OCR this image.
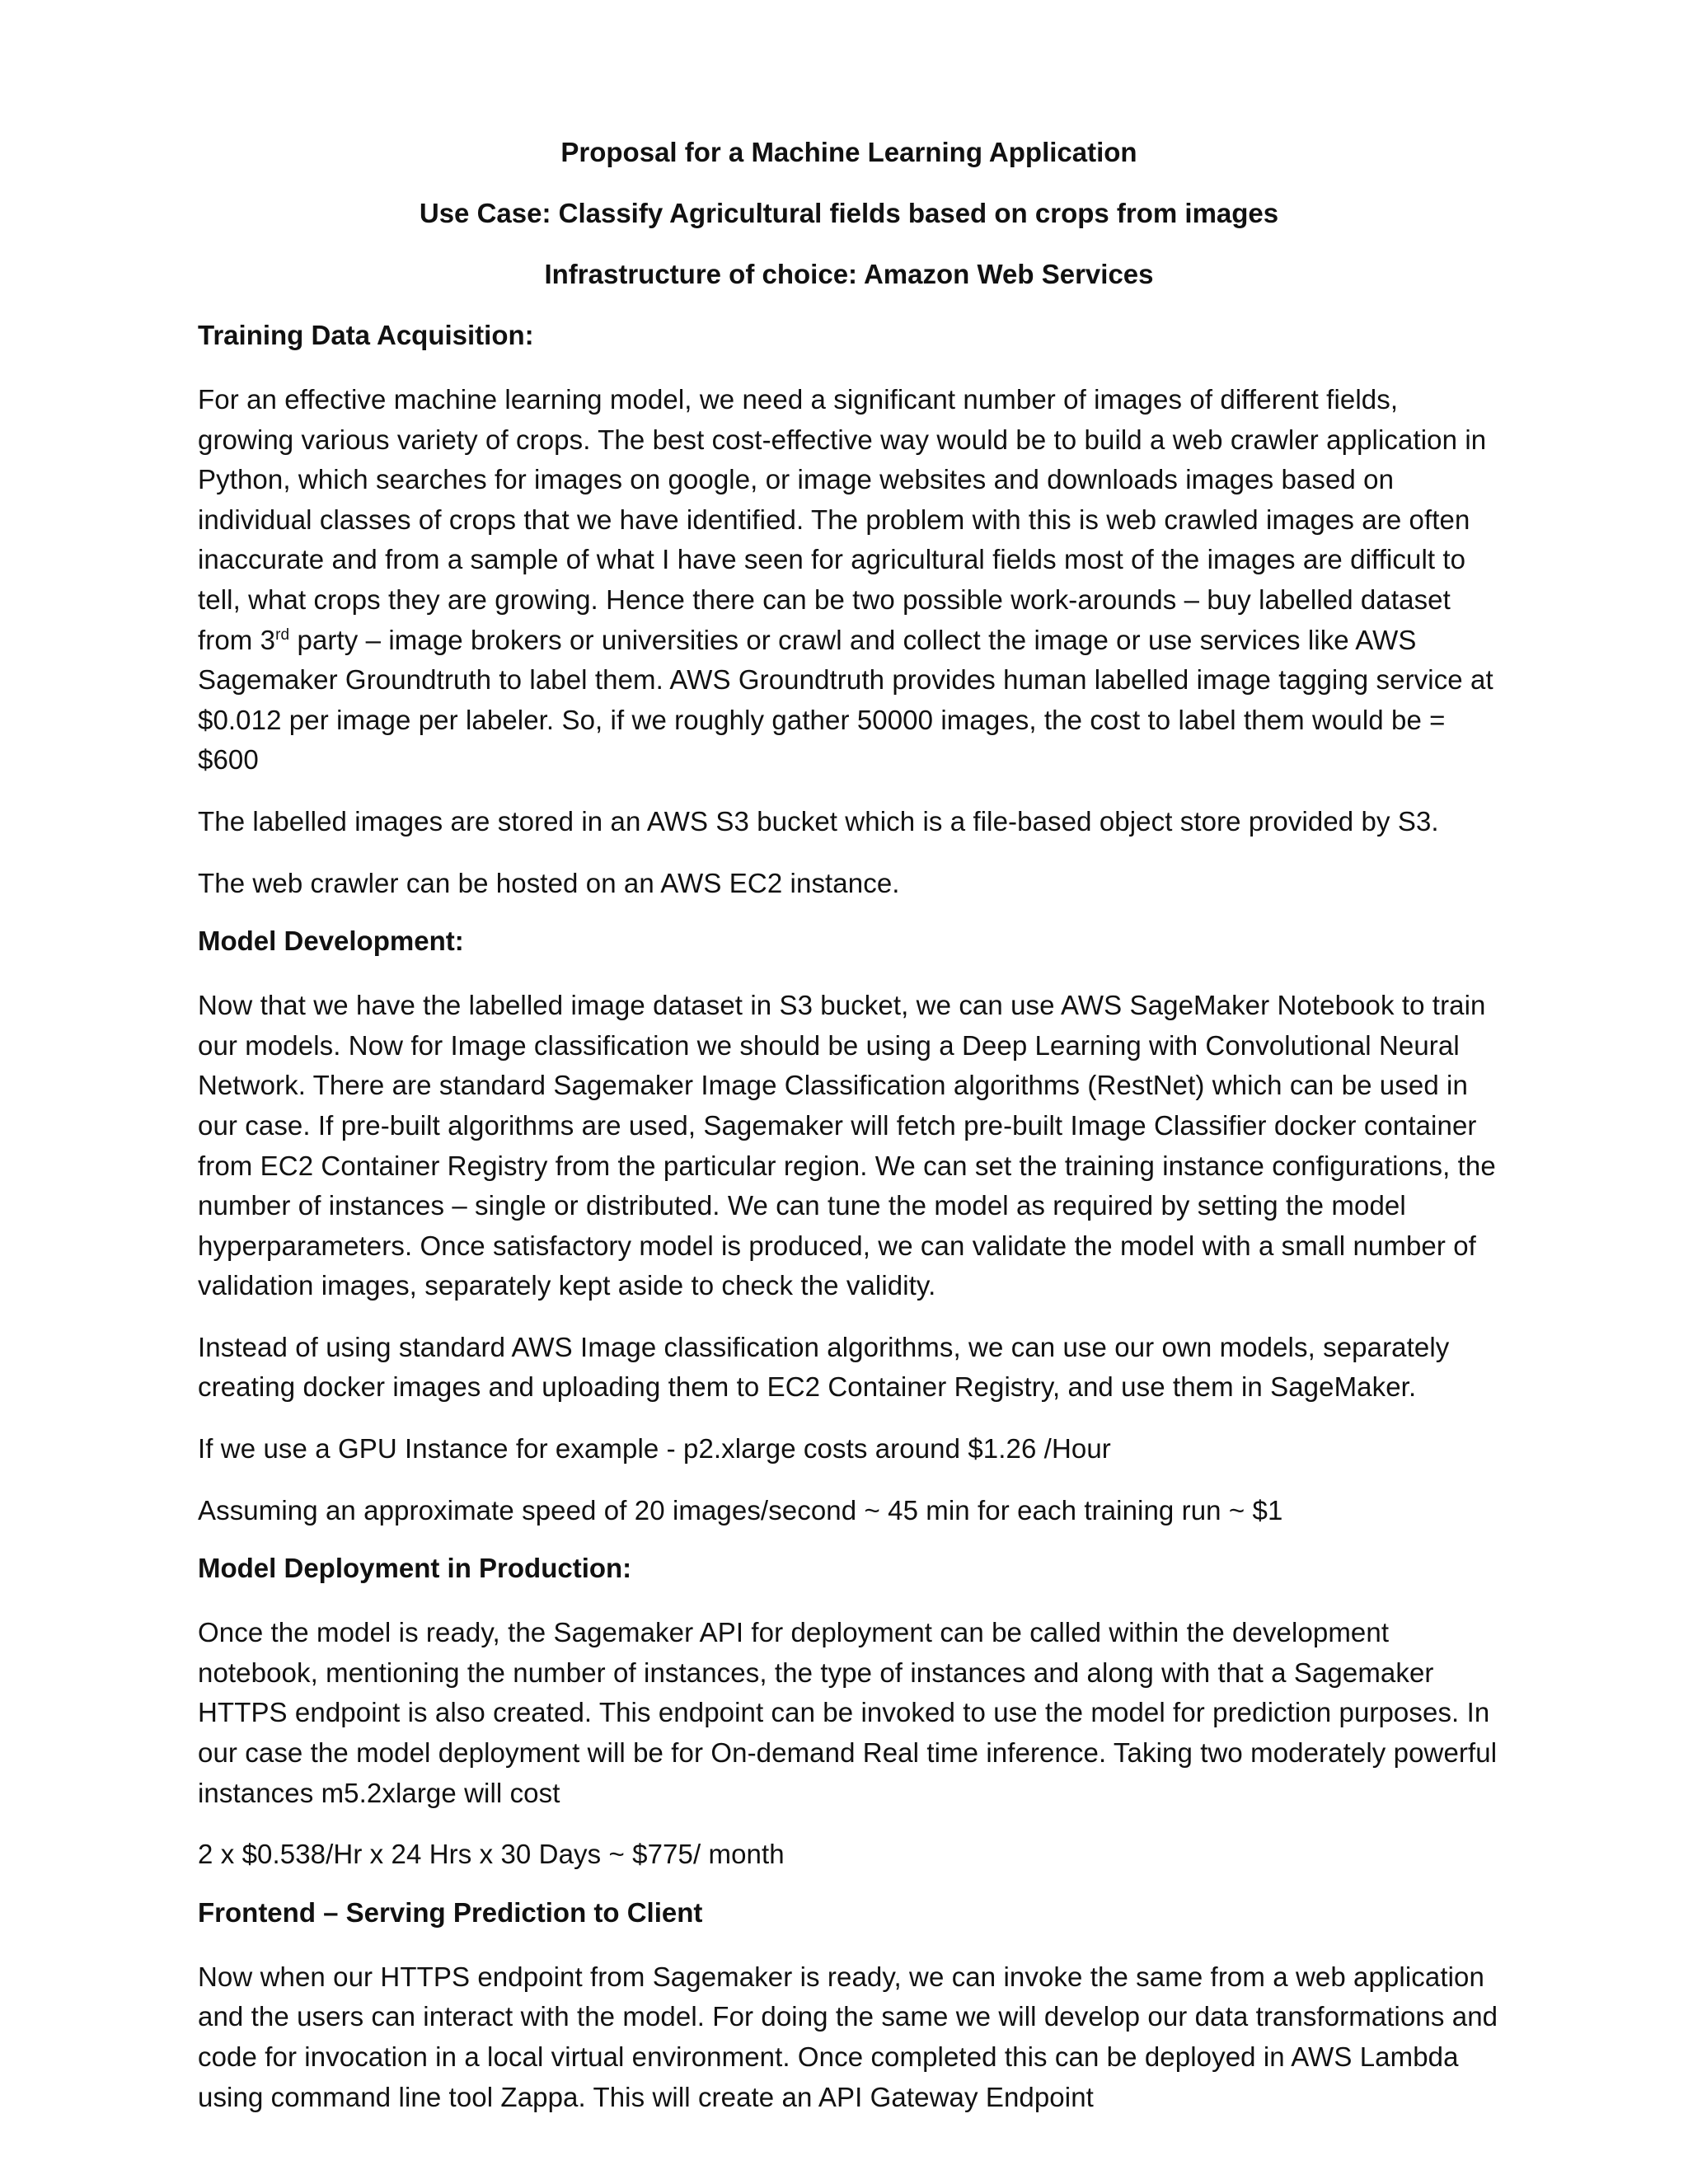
Proposal for a Machine Learning Application
Use Case: Classify Agricultural fields based on crops from images
Infrastructure of choice: Amazon Web Services
Training Data Acquisition:

For an effective machine learning model, we need a significant number of images of different fields, growing various variety of crops. The best cost-effective way would be to build a web crawler application in Python, which searches for images on google, or image websites and downloads images based on individual classes of crops that we have identified. The problem with this is web crawled images are often inaccurate and from a sample of what I have seen for agricultural fields most of the images are difficult to tell, what crops they are growing. Hence there can be two possible work-arounds – buy labelled dataset from 3rd party – image brokers or universities or crawl and collect the image or use services like AWS Sagemaker Groundtruth to label them. AWS Groundtruth provides human labelled image tagging service at $0.012 per image per labeler. So, if we roughly gather 50000 images, the cost to label them would be = $600

The labelled images are stored in an AWS S3 bucket which is a file-based object store provided by S3.

The web crawler can be hosted on an AWS EC2 instance.

Model Development:

Now that we have the labelled image dataset in S3 bucket, we can use AWS SageMaker Notebook to train our models. Now for Image classification we should be using a Deep Learning with Convolutional Neural Network. There are standard Sagemaker Image Classification algorithms (RestNet) which can be used in our case. If pre-built algorithms are used, Sagemaker will fetch pre-built Image Classifier docker container from EC2 Container Registry from the particular region. We can set the training instance configurations, the number of instances – single or distributed. We can tune the model as required by setting the model hyperparameters. Once satisfactory model is produced, we can validate the model with a small number of validation images, separately kept aside to check the validity.

Instead of using standard AWS Image classification algorithms, we can use our own models, separately creating docker images and uploading them to EC2 Container Registry, and use them in SageMaker.

If we use a GPU Instance for example - p2.xlarge costs around $1.26 /Hour

Assuming an approximate speed of 20 images/second ~ 45 min for each training run ~ $1

Model Deployment in Production:

Once the model is ready, the Sagemaker API for deployment can be called within the development notebook, mentioning the number of instances, the type of instances and along with that a Sagemaker HTTPS endpoint is also created. This endpoint can be invoked to use the model for prediction purposes. In our case the model deployment will be for On-demand Real time inference. Taking two moderately powerful instances m5.2xlarge will cost

2 x $0.538/Hr x 24 Hrs x 30 Days ~ $775/ month

Frontend – Serving Prediction to Client

Now when our HTTPS endpoint from Sagemaker is ready, we can invoke the same from a web application and the users can interact with the model. For doing the same we will develop our data transformations and code for invocation in a local virtual environment. Once completed this can be deployed in AWS Lambda using command line tool Zappa. This will create an API Gateway Endpoint
